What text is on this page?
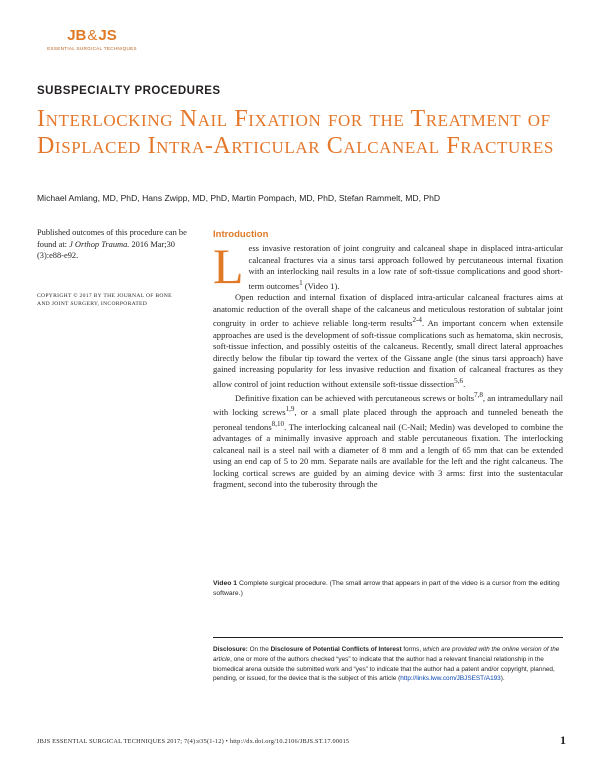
JB & JS
ESSENTIAL SURGICAL TECHNIQUES
SUBSPECIALTY PROCEDURES
Interlocking Nail Fixation for the Treatment of Displaced Intra-Articular Calcaneal Fractures
Michael Amlang, MD, PhD, Hans Zwipp, MD, PhD, Martin Pompach, MD, PhD, Stefan Rammelt, MD, PhD
Published outcomes of this procedure can be found at: J Orthop Trauma. 2016 Mar;30 (3):e88-e92.
COPYRIGHT © 2017 BY THE JOURNAL OF BONE AND JOINT SURGERY, INCORPORATED
Introduction

Less invasive restoration of joint congruity and calcaneal shape in displaced intra-articular calcaneal fractures via a sinus tarsi approach followed by percutaneous internal fixation with an interlocking nail results in a low rate of soft-tissue complications and good short-term outcomes$^1$ (Video 1).

Open reduction and internal fixation of displaced intra-articular calcaneal fractures aims at anatomic reduction of the overall shape of the calcaneus and meticulous restoration of subtalar joint congruity in order to achieve reliable long-term results$^{2-4}$. An important concern when extensile approaches are used is the development of soft-tissue complications such as hematoma, skin necrosis, soft-tissue infection, and possibly osteitis of the calcaneus. Recently, small direct lateral approaches directly below the fibular tip toward the vertex of the Gissane angle (the sinus tarsi approach) have gained increasing popularity for less invasive reduction and fixation of calcaneal fractures as they allow control of joint reduction without extensile soft-tissue dissection$^{5,6}$.

Definitive fixation can be achieved with percutaneous screws or bolts$^{7,8}$, an intramedullary nail with locking screws$^{1,9}$, or a small plate placed through the approach and tunneled beneath the peroneal tendons$^{8,10}$. The interlocking calcaneal nail (C-Nail; Medin) was developed to combine the advantages of a minimally invasive approach and stable percutaneous fixation. The interlocking calcaneal nail is a steel nail with a diameter of 8 mm and a length of 65 mm that can be extended using an end cap of 5 to 20 mm. Separate nails are available for the left and the right calcaneus. The locking cortical screws are guided by an aiming device with 3 arms: first into the sustentacular fragment, second into the tuberosity through the

Video 1 Complete surgical procedure. (The small arrow that appears in part of the video is a cursor from the editing software.)
Disclosure: On the Disclosure of Potential Conflicts of Interest forms, which are provided with the online version of the article, one or more of the authors checked “yes” to indicate that the author had a relevant financial relationship in the biomedical arena outside the submitted work and “yes” to indicate that the author had a patent and/or copyright, planned, pending, or issued, for the device that is the subject of this article (http://links.lww.com/JBJSEST/A193).
JBJS ESSENTIAL SURGICAL TECHNIQUES 2017; 7(4):e35(1-12) • http://dx.doi.org/10.2106/JBJS.ST.17.00015	1
